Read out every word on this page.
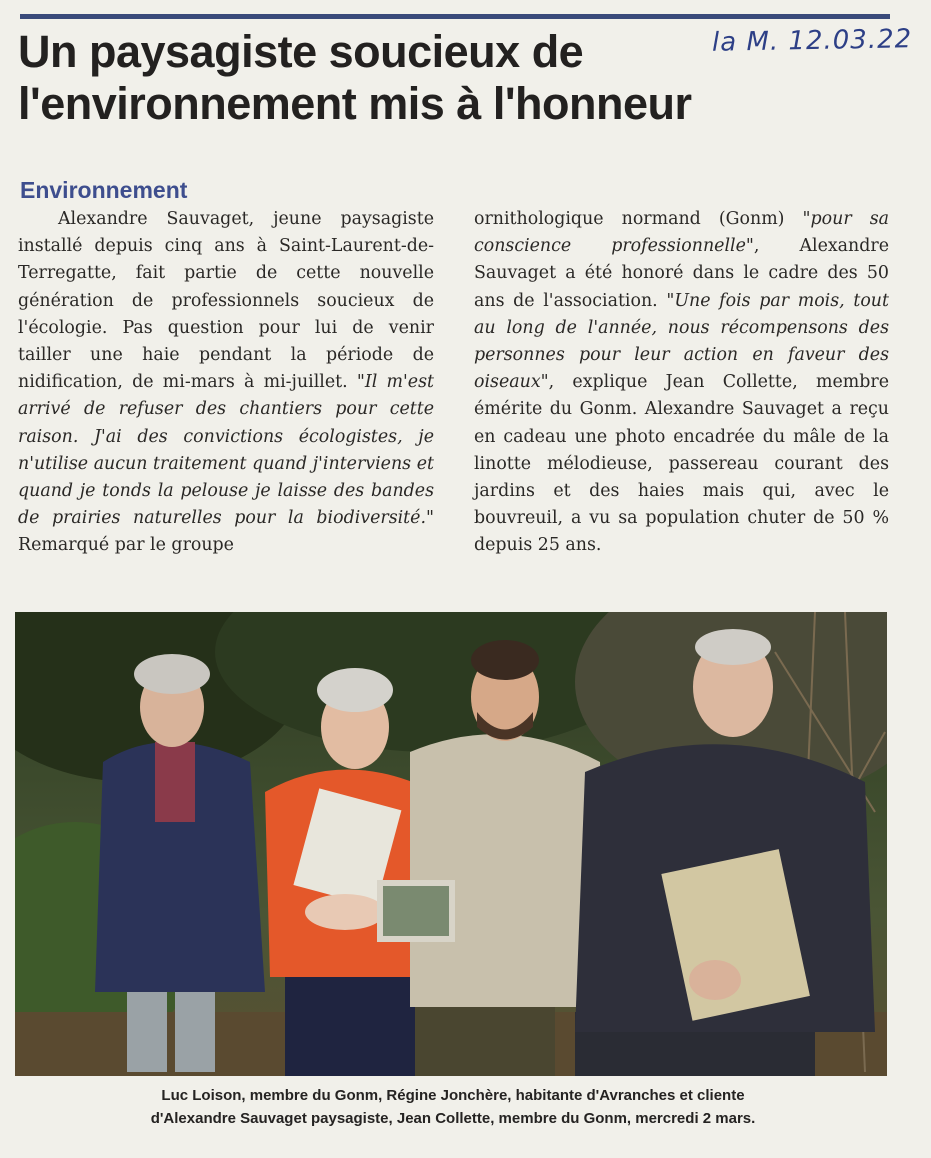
Un paysagiste soucieux de
l'environnement mis à l'honneur
la M. 12.03.22
Environnement

Alexandre Sauvaget, jeune paysagiste installé depuis cinq ans à Saint-Laurent-de-Terregatte, fait partie de cette nouvelle génération de professionnels soucieux de l'écologie. Pas question pour lui de venir tailler une haie pendant la période de nidification, de mi-mars à mi-juillet. "Il m'est arrivé de refuser des chantiers pour cette raison. J'ai des convictions écologistes, je n'utilise aucun traitement quand j'interviens et quand je tonds la pelouse je laisse des bandes de prairies naturelles pour la biodiversité." Remarqué par le groupe

ornithologique normand (Gonm) "pour sa conscience professionnelle", Alexandre Sauvaget a été honoré dans le cadre des 50 ans de l'association. "Une fois par mois, tout au long de l'année, nous récompensons des personnes pour leur action en faveur des oiseaux", explique Jean Collette, membre émérite du Gonm. Alexandre Sauvaget a reçu en cadeau une photo encadrée du mâle de la linotte mélodieuse, passereau courant des jardins et des haies mais qui, avec le bouvreuil, a vu sa population chuter de 50 % depuis 25 ans.

Luc Loison, membre du Gonm, Régine Jonchère, habitante d'Avranches et cliente
d'Alexandre Sauvaget paysagiste, Jean Collette, membre du Gonm, mercredi 2 mars.
